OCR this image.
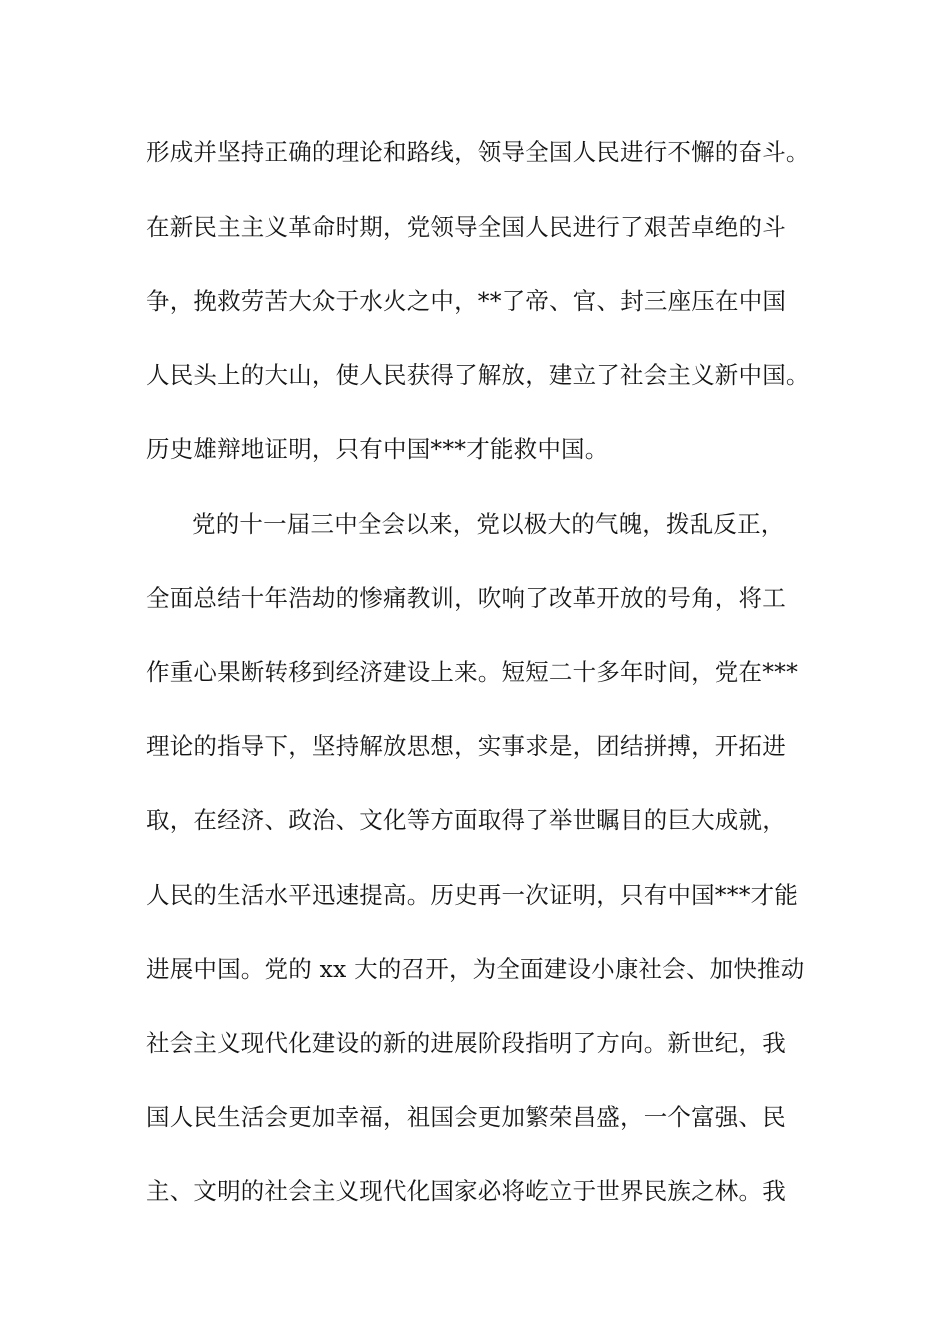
形成并坚持正确的理论和路线，领导全国人民进行不懈的奋斗。
在新民主主义革命时期，党领导全国人民进行了艰苦卓绝的斗
争，挽救劳苦大众于水火之中，**了帝、官、封三座压在中国
人民头上的大山，使人民获得了解放，建立了社会主义新中国。
历史雄辩地证明，只有中国***才能救中国。
党的十一届三中全会以来，党以极大的气魄，拨乱反正，
全面总结十年浩劫的惨痛教训，吹响了改革开放的号角，将工
作重心果断转移到经济建设上来。短短二十多年时间，党在***
理论的指导下，坚持解放思想，实事求是，团结拼搏，开拓进
取，在经济、政治、文化等方面取得了举世瞩目的巨大成就，
人民的生活水平迅速提高。历史再一次证明，只有中国***才能
进展中国。党的 xx 大的召开，为全面建设小康社会、加快推动
社会主义现代化建设的新的进展阶段指明了方向。新世纪，我
国人民生活会更加幸福，祖国会更加繁荣昌盛，一个富强、民
主、文明的社会主义现代化国家必将屹立于世界民族之林。我
